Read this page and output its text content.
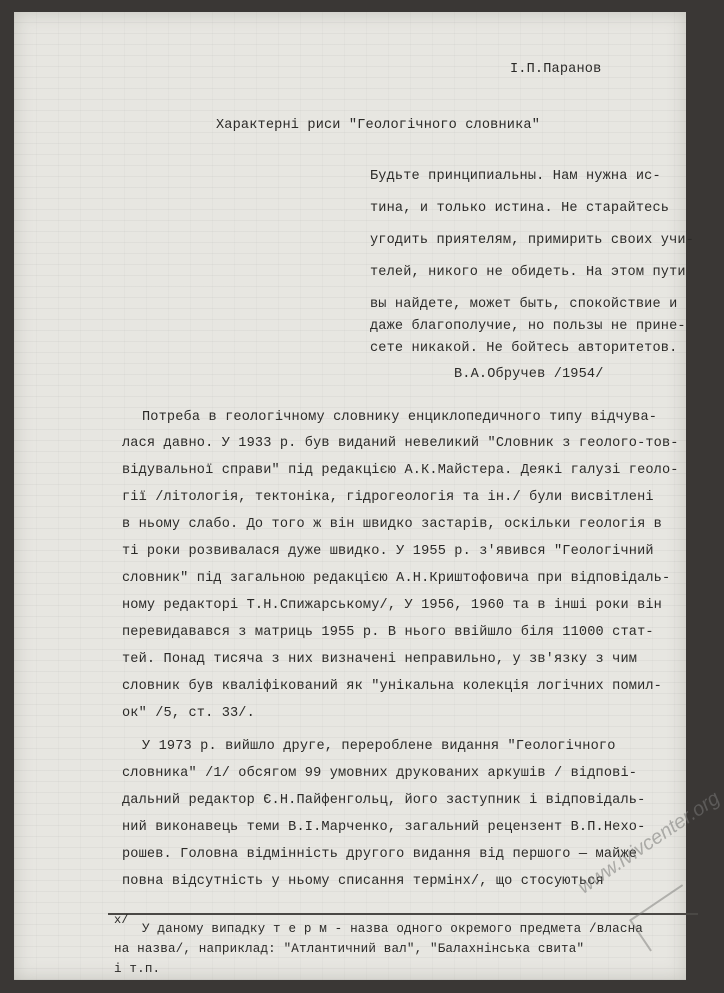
І.П.Паранов
Характерні риси "Геологічного словника"
Будьте принципиальны. Нам нужна ис-
тина, и только истина. Не старайтесь
угодить приятелям, примирить своих учи-
телей, никого не обидеть. На этом пути
вы найдете, может быть, спокойствие и
даже благополучие, но пользы не прине-
сете никакой. Не бойтесь авторитетов.
В.А.Обручев /1954/
Потреба в геологічному словнику енциклопедичного типу відчува-
лася давно. У 1933 р. був виданий невеликий "Словник з геолого-тов-
відувальної справи" під редакцією А.К.Майстера. Деякі галузі геоло-
гії /літологія, тектоніка, гідрогеологія та ін./ були висвітлені
в ньому слабо. До того ж він швидко застарів, оскільки геологія в
ті роки розвивалася дуже швидко. У 1955 р. з'явився "Геологічний
словник" під загальною редакцією А.Н.Криштофовича при відповідаль-
ному редакторі Т.Н.Спижарському/, У 1956, 1960 та в інші роки він
перевидавався з матриць 1955 р. В нього ввійшло біля 11000 стат-
тей. Понад тисяча з них визначені неправильно, у зв'язку з чим
словник був кваліфікований як "унікальна колекція логічних помил-
ок" /5, ст. 33/.
У 1973 р. вийшло друге, перероблене видання "Геологічного
словника" /1/ обсягом 99 умовних друкованих аркушів / відпові-
дальний редактор Є.Н.Пайфенгольц, його заступник і відповідаль-
ний виконавець теми В.І.Марченко, загальний рецензент В.П.Нехо-
рошев. Головна відмінність другого видання від першого — майже
повна відсутність у ньому списання термінх/, що стосуються
х/
У даному випадку т е р м - назва одного окремого предмета /власна
на назва/, наприклад: "Атлантичний вал", "Балахнінська свита"
і т.п.
www.lvivcenter.org
